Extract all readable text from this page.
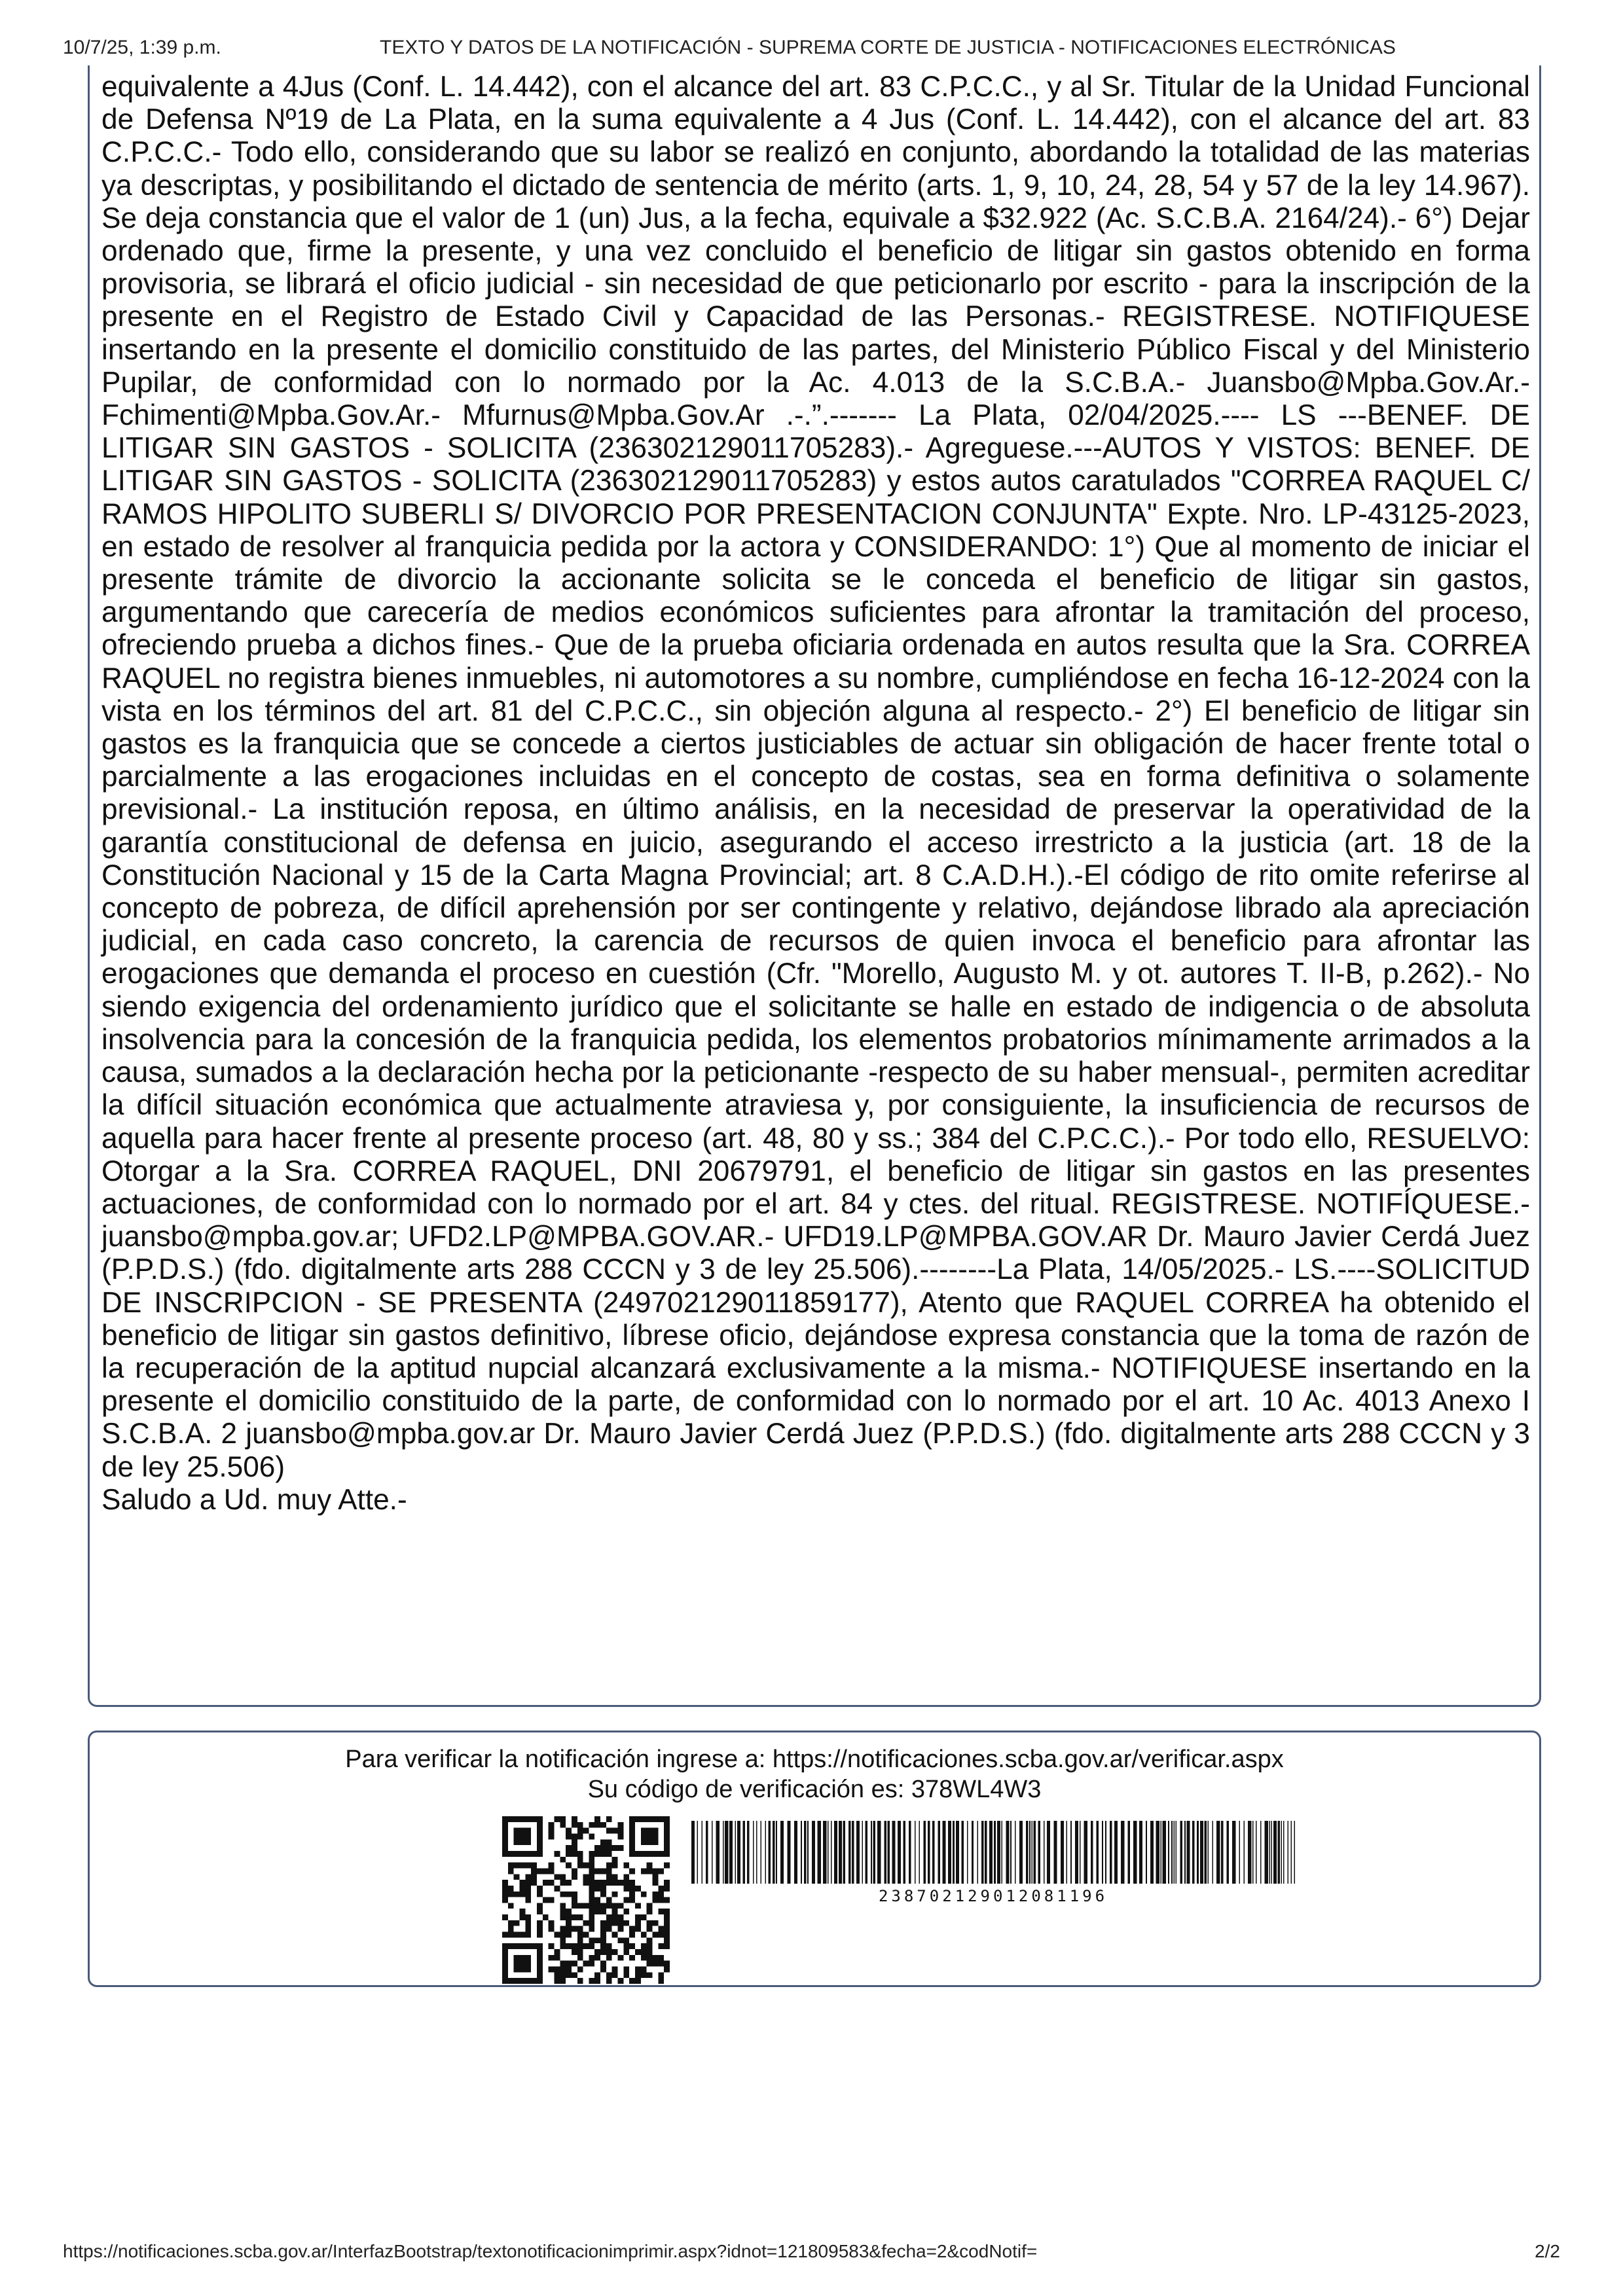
10/7/25, 1:39 p.m.	TEXTO Y DATOS DE LA NOTIFICACIÓN - SUPREMA CORTE DE JUSTICIA - NOTIFICACIONES ELECTRÓNICAS

equivalente a 4Jus (Conf. L. 14.442), con el alcance del art. 83 C.P.C.C., y al Sr. Titular de la Unidad Funcional de Defensa Nº19 de La Plata, en la suma equivalente a 4 Jus (Conf. L. 14.442), con el alcance del art. 83 C.P.C.C.- Todo ello, considerando que su labor se realizó en conjunto, abordando la totalidad de las materias ya descriptas, y posibilitando el dictado de sentencia de mérito (arts. 1, 9, 10, 24, 28, 54 y 57 de la ley 14.967). Se deja constancia que el valor de 1 (un) Jus, a la fecha, equivale a $32.922 (Ac. S.C.B.A. 2164/24).- 6°) Dejar ordenado que, firme la presente, y una vez concluido el beneficio de litigar sin gastos obtenido en forma provisoria, se librará el oficio judicial - sin necesidad de que peticionarlo por escrito - para la inscripción de la presente en el Registro de Estado Civil y Capacidad de las Personas.- REGISTRESE. NOTIFIQUESE insertando en la presente el domicilio constituido de las partes, del Ministerio Público Fiscal y del Ministerio Pupilar, de conformidad con lo normado por la Ac. 4.013 de la S.C.B.A.- Juansbo@Mpba.Gov.Ar.- Fchimenti@Mpba.Gov.Ar.- Mfurnus@Mpba.Gov.Ar .-.”.------- La Plata, 02/04/2025.---- LS ---BENEF. DE LITIGAR SIN GASTOS - SOLICITA (236302129011705283).- Agreguese.---AUTOS Y VISTOS: BENEF. DE LITIGAR SIN GASTOS - SOLICITA (236302129011705283) y estos autos caratulados "CORREA RAQUEL C/ RAMOS HIPOLITO SUBERLI S/ DIVORCIO POR PRESENTACION CONJUNTA" Expte. Nro. LP-43125-2023, en estado de resolver al franquicia pedida por la actora y CONSIDERANDO: 1°) Que al momento de iniciar el presente trámite de divorcio la accionante solicita se le conceda el beneficio de litigar sin gastos, argumentando que carecería de medios económicos suficientes para afrontar la tramitación del proceso, ofreciendo prueba a dichos fines.- Que de la prueba oficiaria ordenada en autos resulta que la Sra. CORREA RAQUEL no registra bienes inmuebles, ni automotores a su nombre, cumpliéndose en fecha 16-12-2024 con la vista en los términos del art. 81 del C.P.C.C., sin objeción alguna al respecto.- 2°) El beneficio de litigar sin gastos es la franquicia que se concede a ciertos justiciables de actuar sin obligación de hacer frente total o parcialmente a las erogaciones incluidas en el concepto de costas, sea en forma definitiva o solamente previsional.- La institución reposa, en último análisis, en la necesidad de preservar la operatividad de la garantía constitucional de defensa en juicio, asegurando el acceso irrestricto a la justicia (art. 18 de la Constitución Nacional y 15 de la Carta Magna Provincial; art. 8 C.A.D.H.).-El código de rito omite referirse al concepto de pobreza, de difícil aprehensión por ser contingente y relativo, dejándose librado ala apreciación judicial, en cada caso concreto, la carencia de recursos de quien invoca el beneficio para afrontar las erogaciones que demanda el proceso en cuestión (Cfr. "Morello, Augusto M. y ot. autores T. II-B, p.262).- No siendo exigencia del ordenamiento jurídico que el solicitante se halle en estado de indigencia o de absoluta insolvencia para la concesión de la franquicia pedida, los elementos probatorios mínimamente arrimados a la causa, sumados a la declaración hecha por la peticionante -respecto de su haber mensual-, permiten acreditar la difícil situación económica que actualmente atraviesa y, por consiguiente, la insuficiencia de recursos de aquella para hacer frente al presente proceso (art. 48, 80 y ss.; 384 del C.P.C.C.).- Por todo ello, RESUELVO: Otorgar a la Sra. CORREA RAQUEL, DNI 20679791, el beneficio de litigar sin gastos en las presentes actuaciones, de conformidad con lo normado por el art. 84 y ctes. del ritual. REGISTRESE. NOTIFÍQUESE.- juansbo@mpba.gov.ar; UFD2.LP@MPBA.GOV.AR.- UFD19.LP@MPBA.GOV.AR Dr. Mauro Javier Cerdá Juez (P.P.D.S.) (fdo. digitalmente arts 288 CCCN y 3 de ley 25.506).--------La Plata, 14/05/2025.- LS.----SOLICITUD DE INSCRIPCION - SE PRESENTA (249702129011859177), Atento que RAQUEL CORREA ha obtenido el beneficio de litigar sin gastos definitivo, líbrese oficio, dejándose expresa constancia que la toma de razón de la recuperación de la aptitud nupcial alcanzará exclusivamente a la misma.- NOTIFIQUESE insertando en la presente el domicilio constituido de la parte, de conformidad con lo normado por el art. 10 Ac. 4013 Anexo I S.C.B.A. 2 juansbo@mpba.gov.ar Dr. Mauro Javier Cerdá Juez (P.P.D.S.) (fdo. digitalmente arts 288 CCCN y 3 de ley 25.506)

Saludo a Ud. muy Atte.-

Para verificar la notificación ingrese a: https://notificaciones.scba.gov.ar/verificar.aspx

Su código de verificación es: 378WL4W3

238702129012081196
https://notificaciones.scba.gov.ar/InterfazBootstrap/textonotificacionimprimir.aspx?idnot=121809583&fecha=2&codNotif=	2/2
